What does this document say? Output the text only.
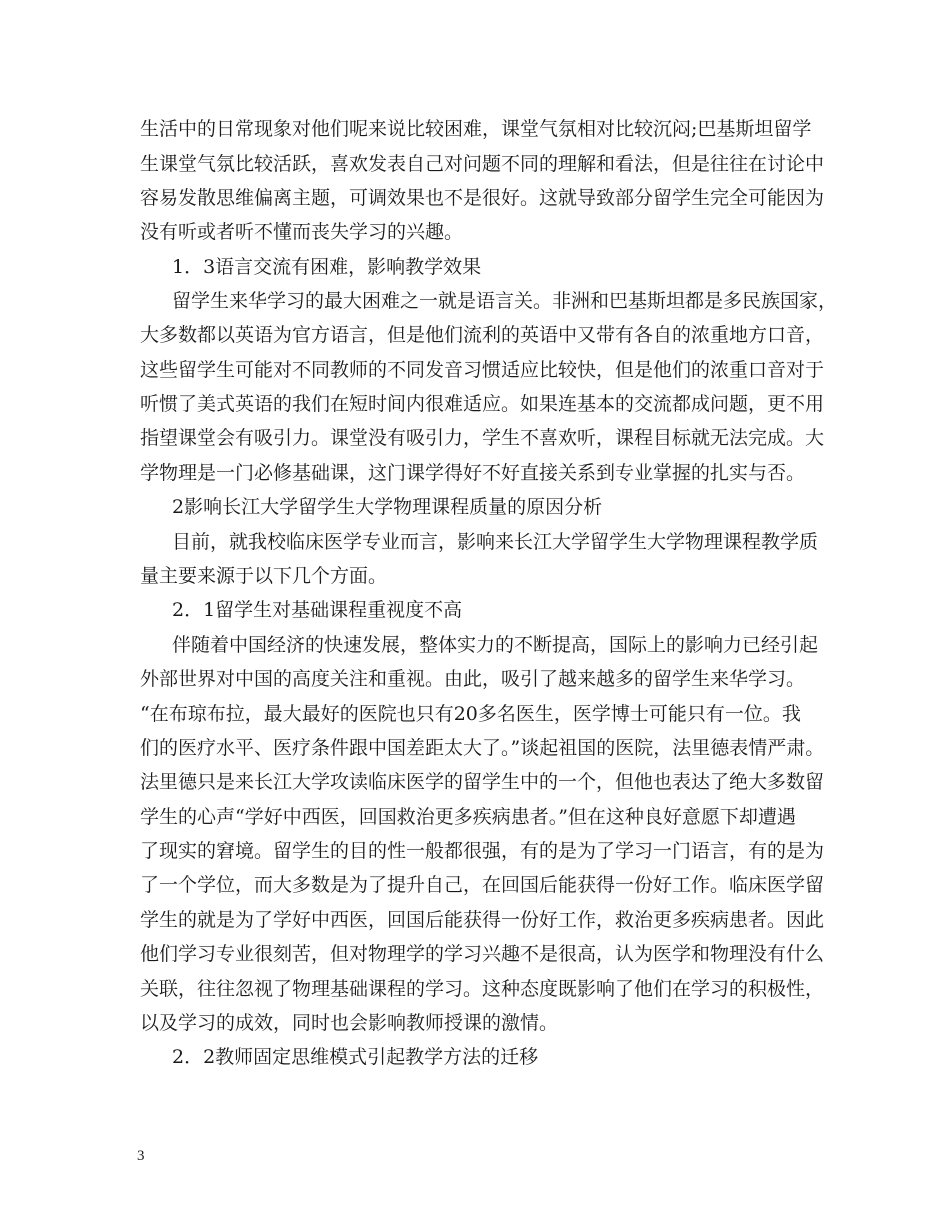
生活中的日常现象对他们呢来说比较困难，课堂气氛相对比较沉闷;巴基斯坦留学
生课堂气氛比较活跃，喜欢发表自己对问题不同的理解和看法，但是往往在讨论中
容易发散思维偏离主题，可调效果也不是很好。这就导致部分留学生完全可能因为
没有听或者听不懂而丧失学习的兴趣。
1．3语言交流有困难，影响教学效果
留学生来华学习的最大困难之一就是语言关。非洲和巴基斯坦都是多民族国家，
大多数都以英语为官方语言，但是他们流利的英语中又带有各自的浓重地方口音，
这些留学生可能对不同教师的不同发音习惯适应比较快，但是他们的浓重口音对于
听惯了美式英语的我们在短时间内很难适应。如果连基本的交流都成问题，更不用
指望课堂会有吸引力。课堂没有吸引力，学生不喜欢听，课程目标就无法完成。大
学物理是一门必修基础课，这门课学得好不好直接关系到专业掌握的扎实与否。
2影响长江大学留学生大学物理课程质量的原因分析
目前，就我校临床医学专业而言，影响来长江大学留学生大学物理课程教学质
量主要来源于以下几个方面。
2．1留学生对基础课程重视度不高
伴随着中国经济的快速发展，整体实力的不断提高，国际上的影响力已经引起
外部世界对中国的高度关注和重视。由此，吸引了越来越多的留学生来华学习。
“在布琼布拉，最大最好的医院也只有20多名医生，医学博士可能只有一位。我
们的医疗水平、医疗条件跟中国差距太大了。”谈起祖国的医院，法里德表情严肃。
法里德只是来长江大学攻读临床医学的留学生中的一个，但他也表达了绝大多数留
学生的心声“学好中西医，回国救治更多疾病患者。”但在这种良好意愿下却遭遇
了现实的窘境。留学生的目的性一般都很强，有的是为了学习一门语言，有的是为
了一个学位，而大多数是为了提升自己，在回国后能获得一份好工作。临床医学留
学生的就是为了学好中西医，回国后能获得一份好工作，救治更多疾病患者。因此
他们学习专业很刻苦，但对物理学的学习兴趣不是很高，认为医学和物理没有什么
关联，往往忽视了物理基础课程的学习。这种态度既影响了他们在学习的积极性，
以及学习的成效，同时也会影响教师授课的激情。
2．2教师固定思维模式引起教学方法的迁移
3
